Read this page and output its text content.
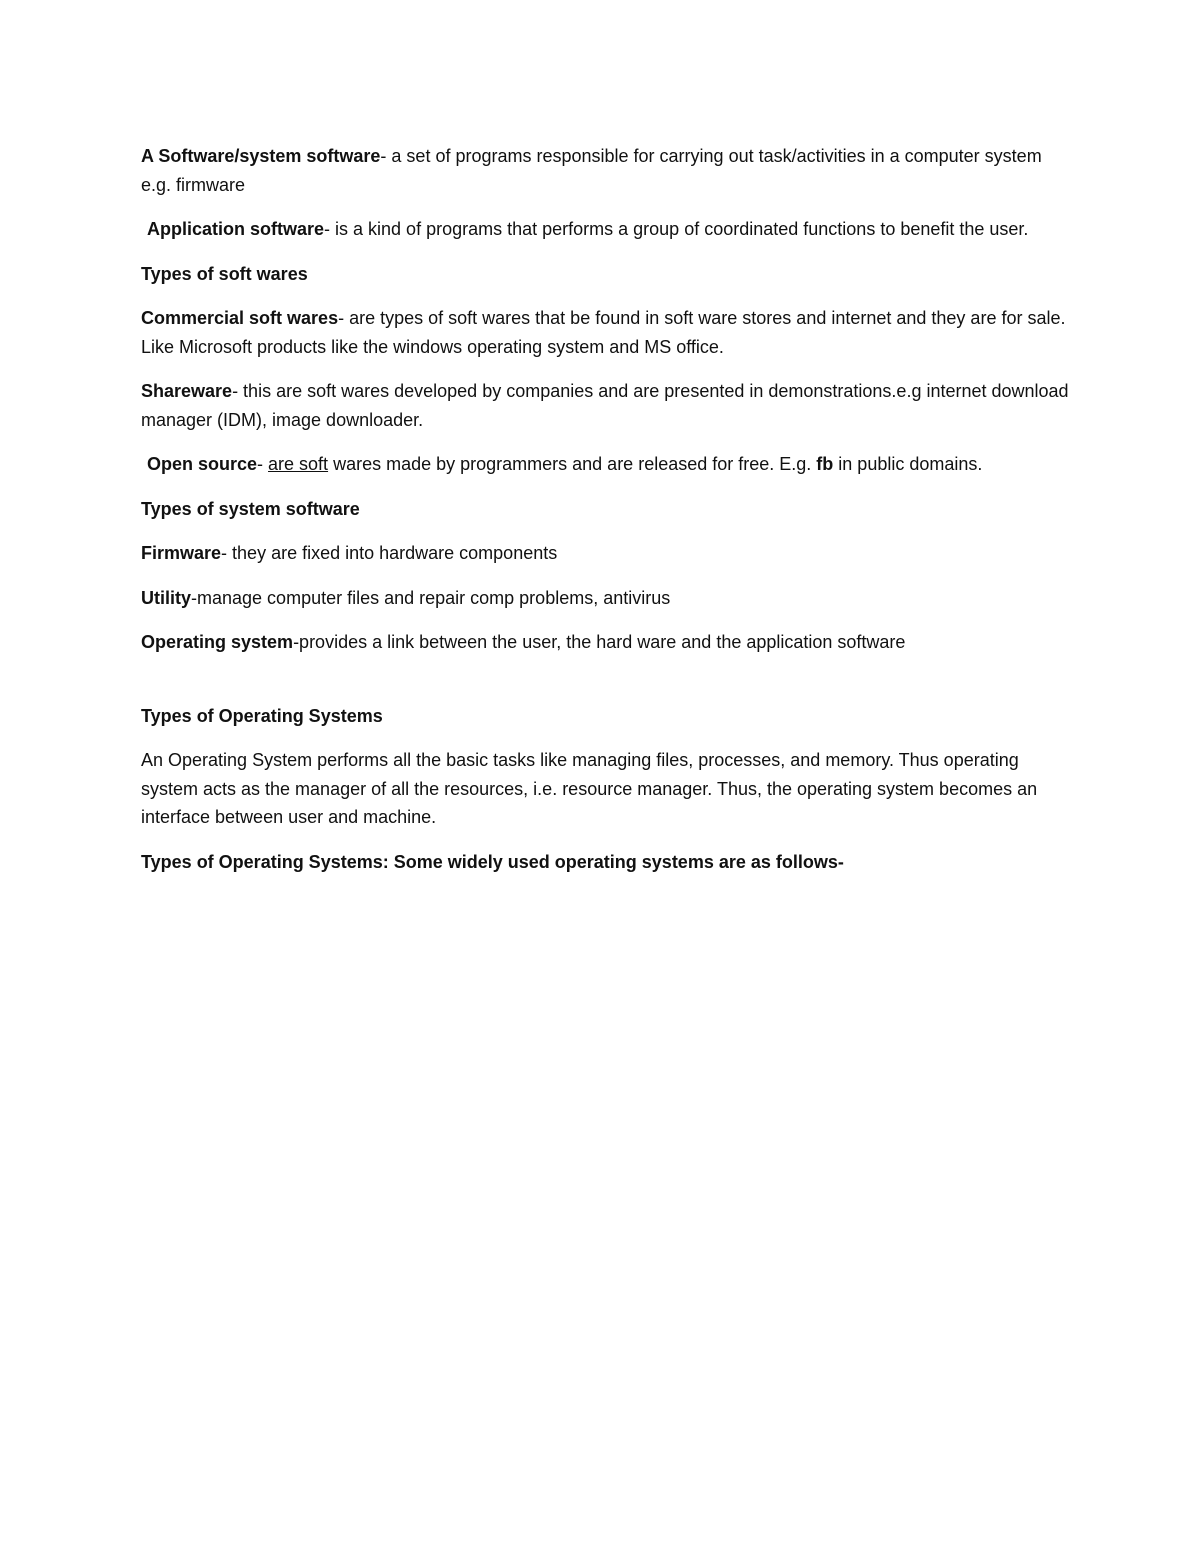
A Software/system software- a set of programs responsible for carrying out task/activities in a computer system e.g. firmware

Application software- is a kind of programs that performs a group of coordinated functions to benefit the user.

Types of soft wares

Commercial soft wares- are types of soft wares that be found in soft ware stores and internet and they are for sale. Like Microsoft products like the windows operating system and MS office.

Shareware- this are soft wares developed by companies and are presented in demonstrations.e.g internet download manager (IDM), image downloader.

Open source- are soft wares made by programmers and are released for free. E.g. fb in public domains.

Types of system software

Firmware- they are fixed into hardware components

Utility-manage computer files and repair comp problems, antivirus

Operating system-provides a link between the user, the hard ware and the application software

Types of Operating Systems

An Operating System performs all the basic tasks like managing files, processes, and memory. Thus operating system acts as the manager of all the resources, i.e. resource manager. Thus, the operating system becomes an interface between user and machine.

Types of Operating Systems: Some widely used operating systems are as follows-
